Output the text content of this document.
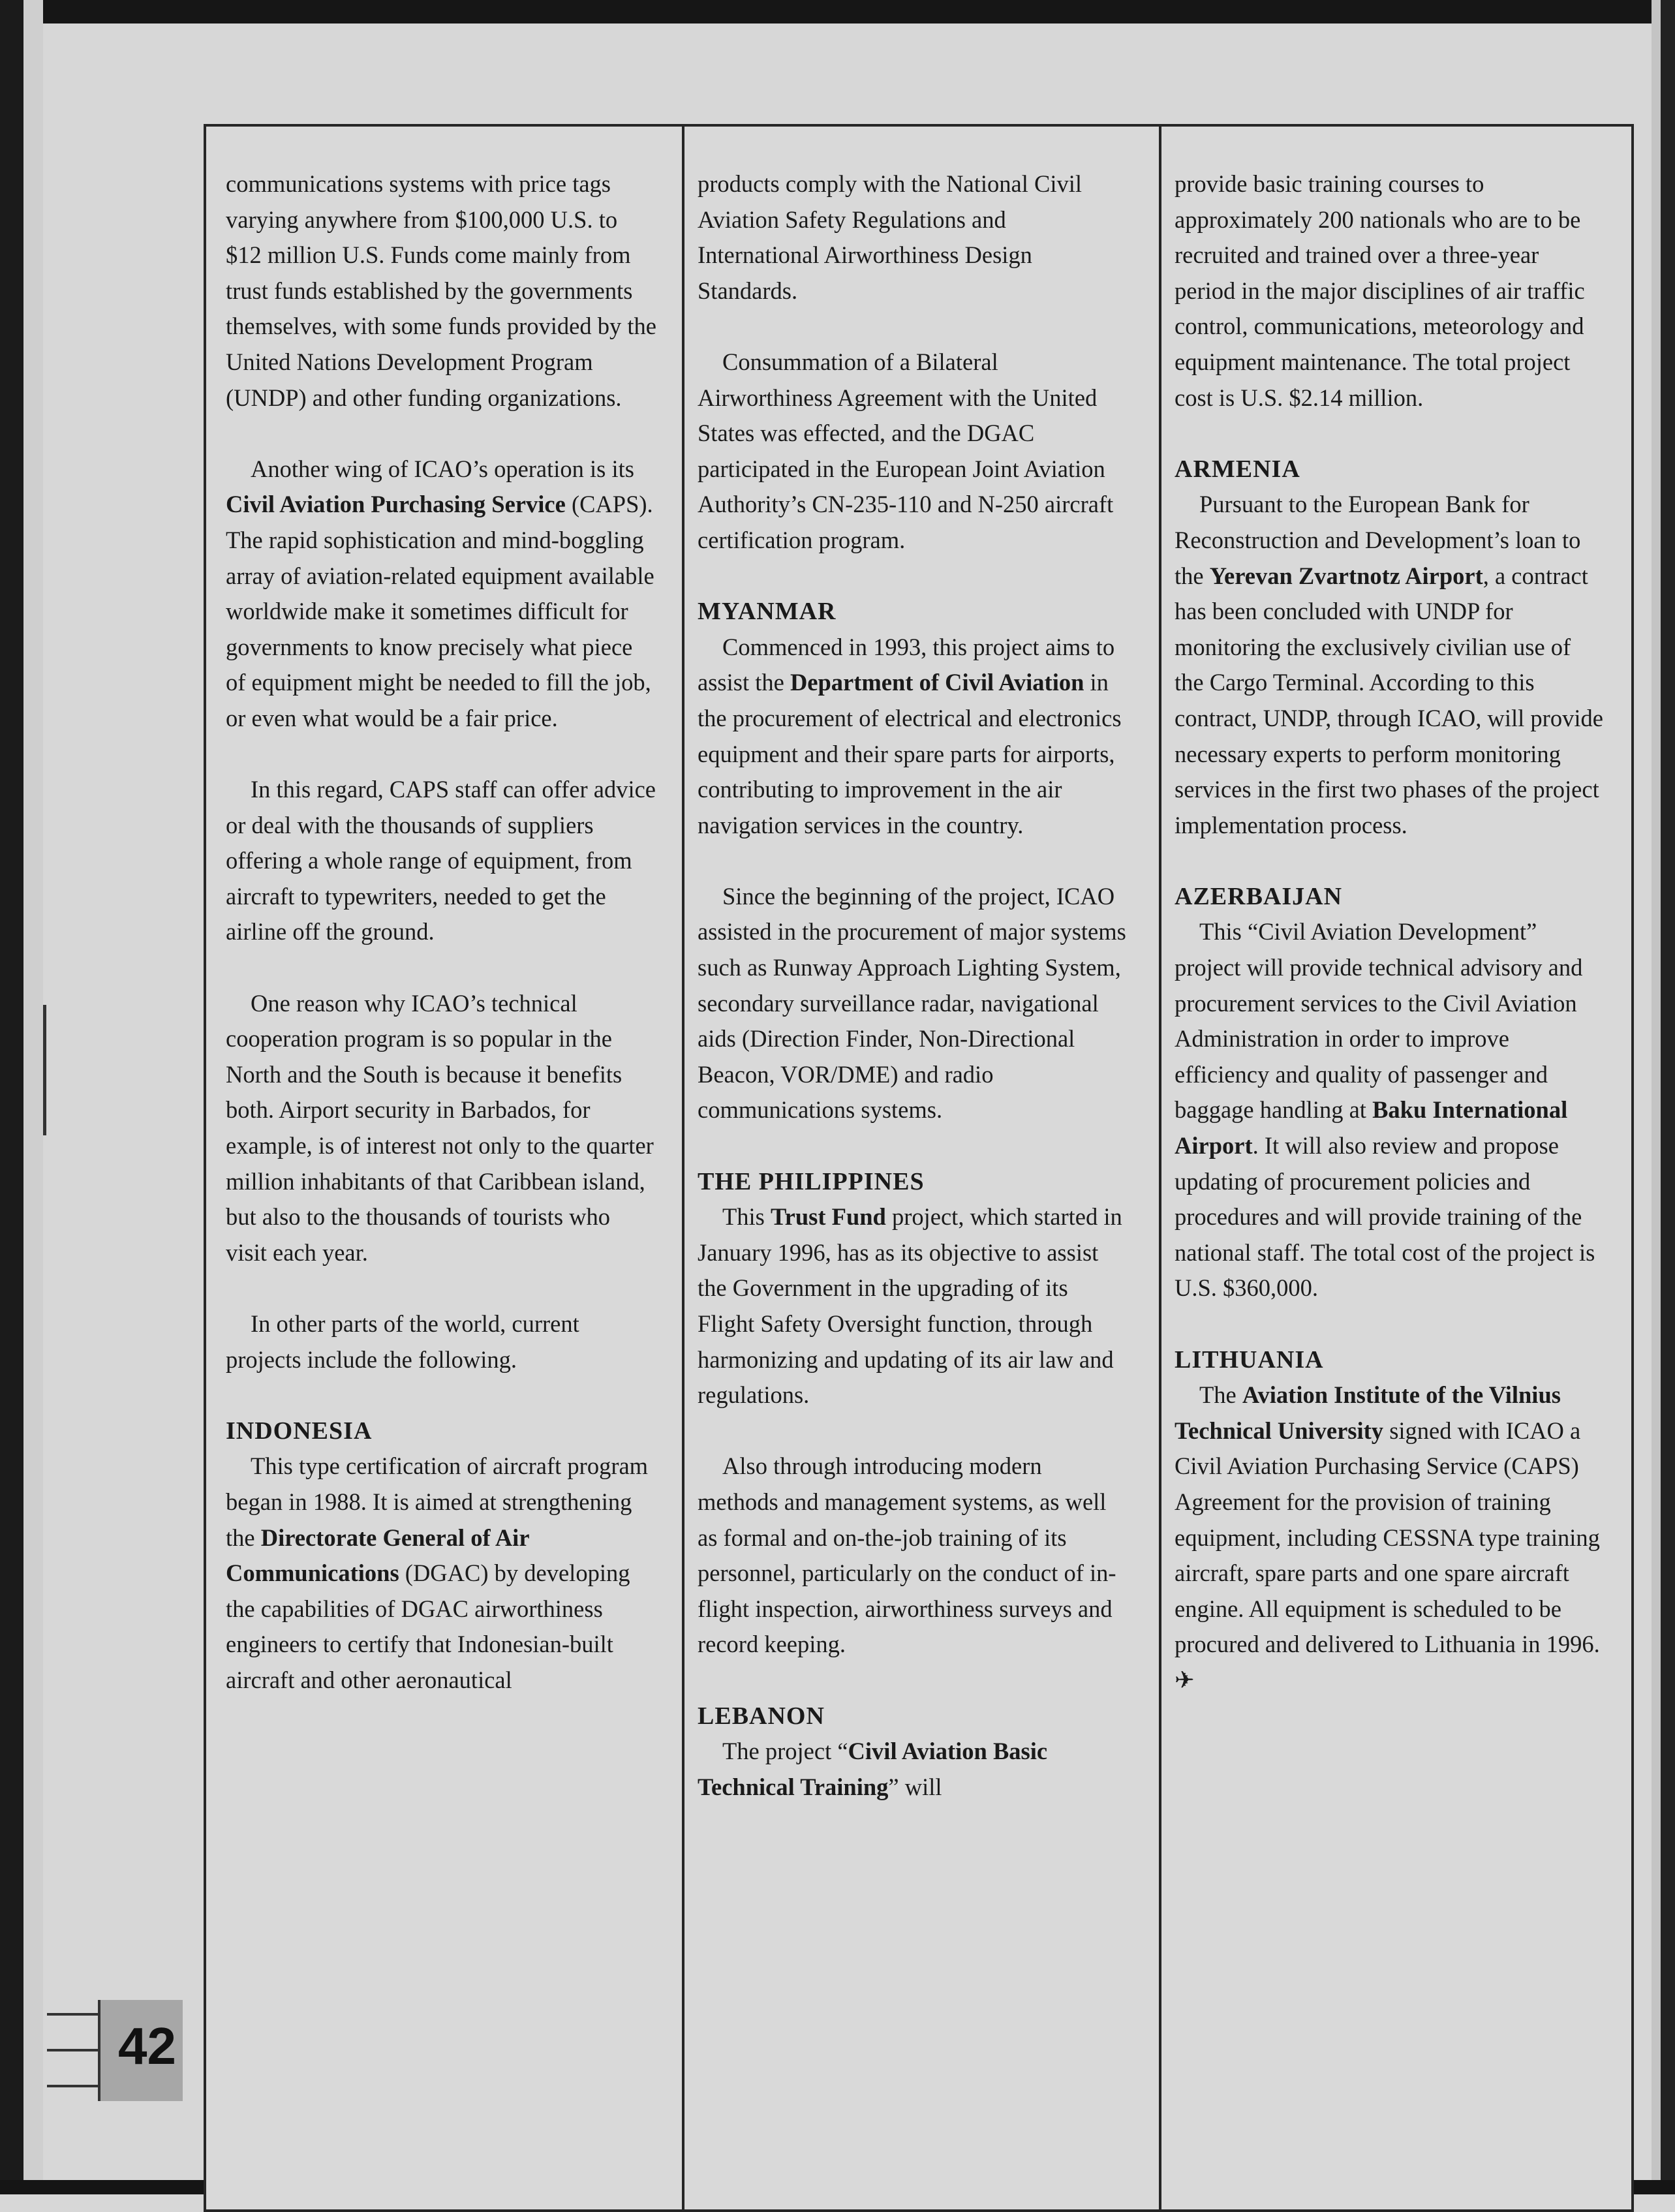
communications systems with price tags varying anywhere from $100,000 U.S. to $12 million U.S. Funds come mainly from trust funds established by the governments themselves, with some funds provided by the United Nations Development Program (UNDP) and other funding organizations.

Another wing of ICAO’s operation is its Civil Aviation Purchasing Service (CAPS). The rapid sophistication and mind-boggling array of aviation-related equipment available worldwide make it sometimes difficult for governments to know precisely what piece of equipment might be needed to fill the job, or even what would be a fair price.

In this regard, CAPS staff can offer advice or deal with the thousands of suppliers offering a whole range of equipment, from aircraft to typewriters, needed to get the airline off the ground.

One reason why ICAO’s technical cooperation program is so popular in the North and the South is because it benefits both. Airport security in Barbados, for example, is of interest not only to the quarter million inhabitants of that Caribbean island, but also to the thousands of tourists who visit each year.

In other parts of the world, current projects include the following.

INDONESIA

This type certification of aircraft program began in 1988. It is aimed at strengthening the Directorate General of Air Communications (DGAC) by developing the capabilities of DGAC airworthiness engineers to certify that Indonesian-built aircraft and other aeronautical

products comply with the National Civil Aviation Safety Regulations and International Airworthiness Design Standards.

Consummation of a Bilateral Airworthiness Agreement with the United States was effected, and the DGAC participated in the European Joint Aviation Authority’s CN-235-110 and N-250 aircraft certification program.

MYANMAR

Commenced in 1993, this project aims to assist the Department of Civil Aviation in the procurement of electrical and electronics equipment and their spare parts for airports, contributing to improvement in the air navigation services in the country.

Since the beginning of the project, ICAO assisted in the procurement of major systems such as Runway Approach Lighting System, secondary surveillance radar, navigational aids (Direction Finder, Non-Directional Beacon, VOR/DME) and radio communications systems.

THE PHILIPPINES

This Trust Fund project, which started in January 1996, has as its objective to assist the Government in the upgrading of its Flight Safety Oversight function, through harmonizing and updating of its air law and regulations.

Also through introducing modern methods and management systems, as well as formal and on-the-job training of its personnel, particularly on the conduct of in-flight inspection, airworthiness surveys and record keeping.

LEBANON

The project “Civil Aviation Basic Technical Training” will

provide basic training courses to approximately 200 nationals who are to be recruited and trained over a three-year period in the major disciplines of air traffic control, communications, meteorology and equipment maintenance. The total project cost is U.S. $2.14 million.

ARMENIA

Pursuant to the European Bank for Reconstruction and Development’s loan to the Yerevan Zvartnotz Airport, a contract has been concluded with UNDP for monitoring the exclusively civilian use of the Cargo Terminal. According to this contract, UNDP, through ICAO, will provide necessary experts to perform monitoring services in the first two phases of the project implementation process.

AZERBAIJAN

This “Civil Aviation Development” project will provide technical advisory and procurement services to the Civil Aviation Administration in order to improve efficiency and quality of passenger and baggage handling at Baku International Airport. It will also review and propose updating of procurement policies and procedures and will provide training of the national staff. The total cost of the project is U.S. $360,000.

LITHUANIA

The Aviation Institute of the Vilnius Technical University signed with ICAO a Civil Aviation Purchasing Service (CAPS) Agreement for the provision of training equipment, including CESSNA type training aircraft, spare parts and one spare aircraft engine. All equipment is scheduled to be procured and delivered to Lithuania in 1996. ✈

42
